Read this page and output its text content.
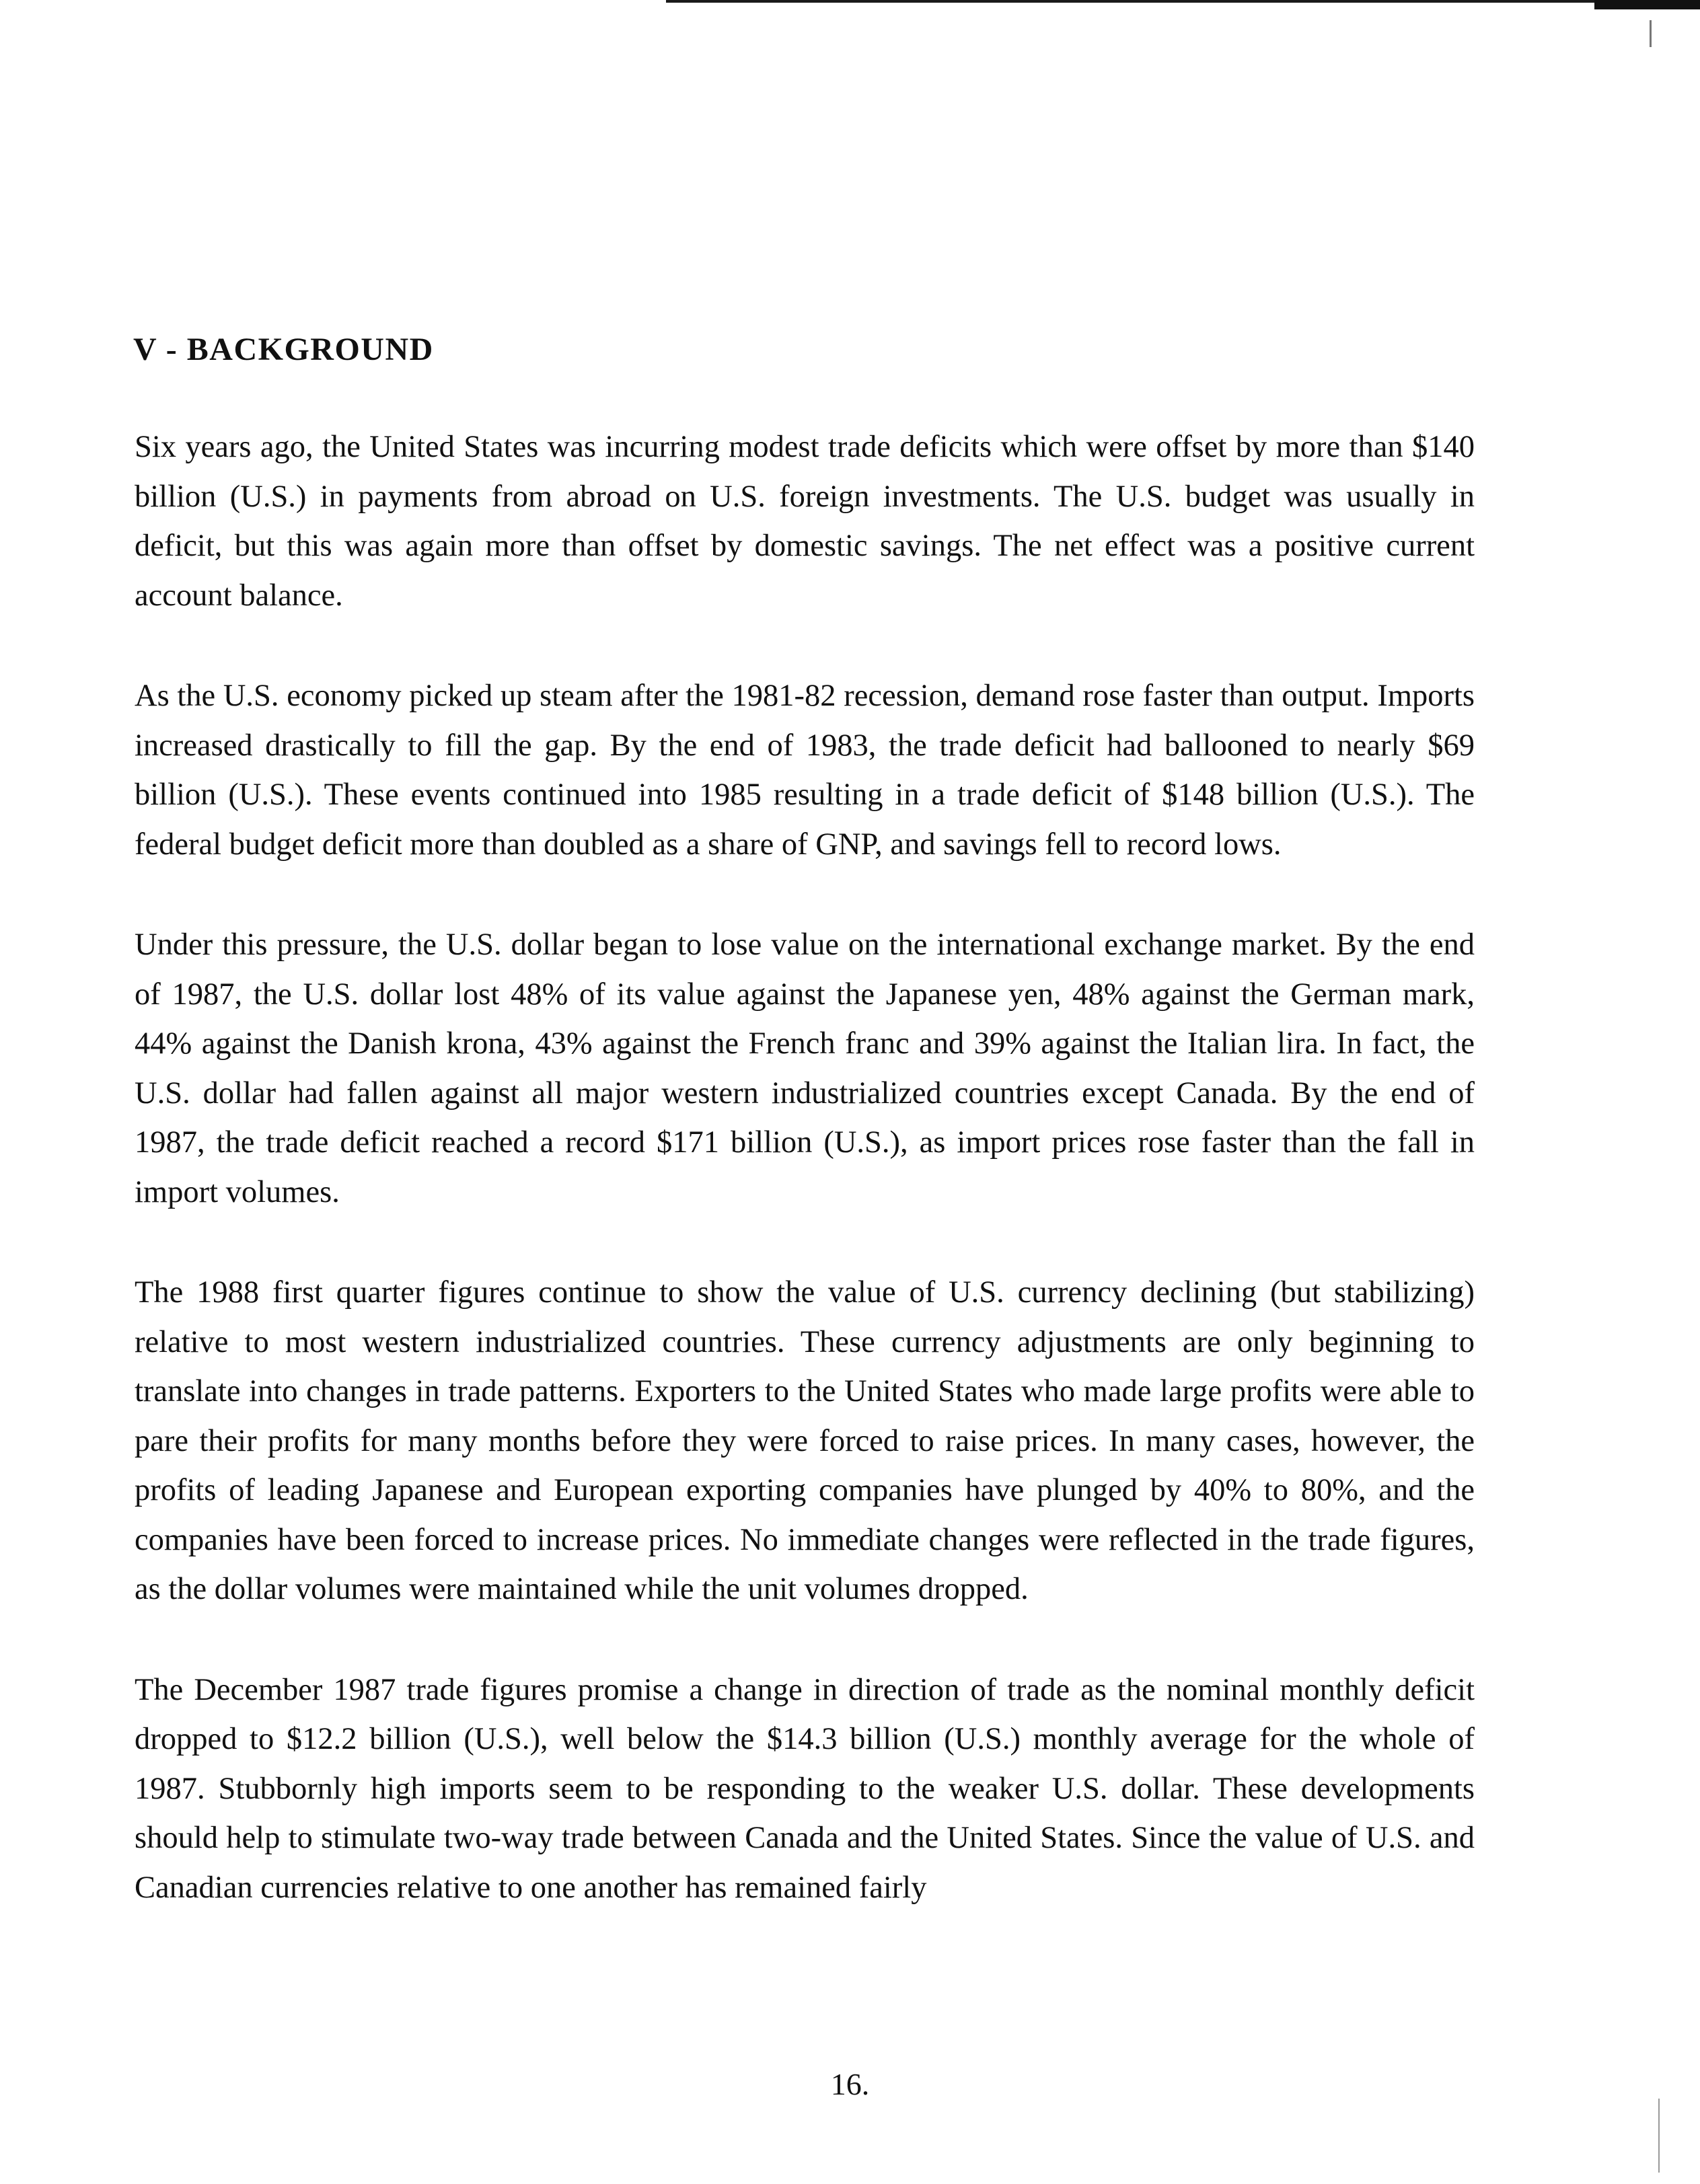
V - BACKGROUND

Six years ago, the United States was incurring modest trade deficits which were offset by more than $140 billion (U.S.) in payments from abroad on U.S. foreign investments. The U.S. budget was usually in deficit, but this was again more than offset by domestic savings. The net effect was a positive current account balance.

As the U.S. economy picked up steam after the 1981-82 recession, demand rose faster than output. Imports increased drastically to fill the gap. By the end of 1983, the trade deficit had ballooned to nearly $69 billion (U.S.). These events continued into 1985 resulting in a trade deficit of $148 billion (U.S.). The federal budget deficit more than doubled as a share of GNP, and savings fell to record lows.

Under this pressure, the U.S. dollar began to lose value on the international exchange market. By the end of 1987, the U.S. dollar lost 48% of its value against the Japanese yen, 48% against the German mark, 44% against the Danish krona, 43% against the French franc and 39% against the Italian lira. In fact, the U.S. dollar had fallen against all major western industrialized countries except Canada. By the end of 1987, the trade deficit reached a record $171 billion (U.S.), as import prices rose faster than the fall in import volumes.

The 1988 first quarter figures continue to show the value of U.S. currency declining (but stabilizing) relative to most western industrialized countries. These currency adjustments are only beginning to translate into changes in trade patterns. Exporters to the United States who made large profits were able to pare their profits for many months before they were forced to raise prices. In many cases, however, the profits of leading Japanese and European exporting companies have plunged by 40% to 80%, and the companies have been forced to increase prices. No immediate changes were reflected in the trade figures, as the dollar volumes were maintained while the unit volumes dropped.

The December 1987 trade figures promise a change in direction of trade as the nominal monthly deficit dropped to $12.2 billion (U.S.), well below the $14.3 billion (U.S.) monthly average for the whole of 1987. Stubbornly high imports seem to be responding to the weaker U.S. dollar. These developments should help to stimulate two-way trade between Canada and the United States. Since the value of U.S. and Canadian currencies relative to one another has remained fairly

16.
